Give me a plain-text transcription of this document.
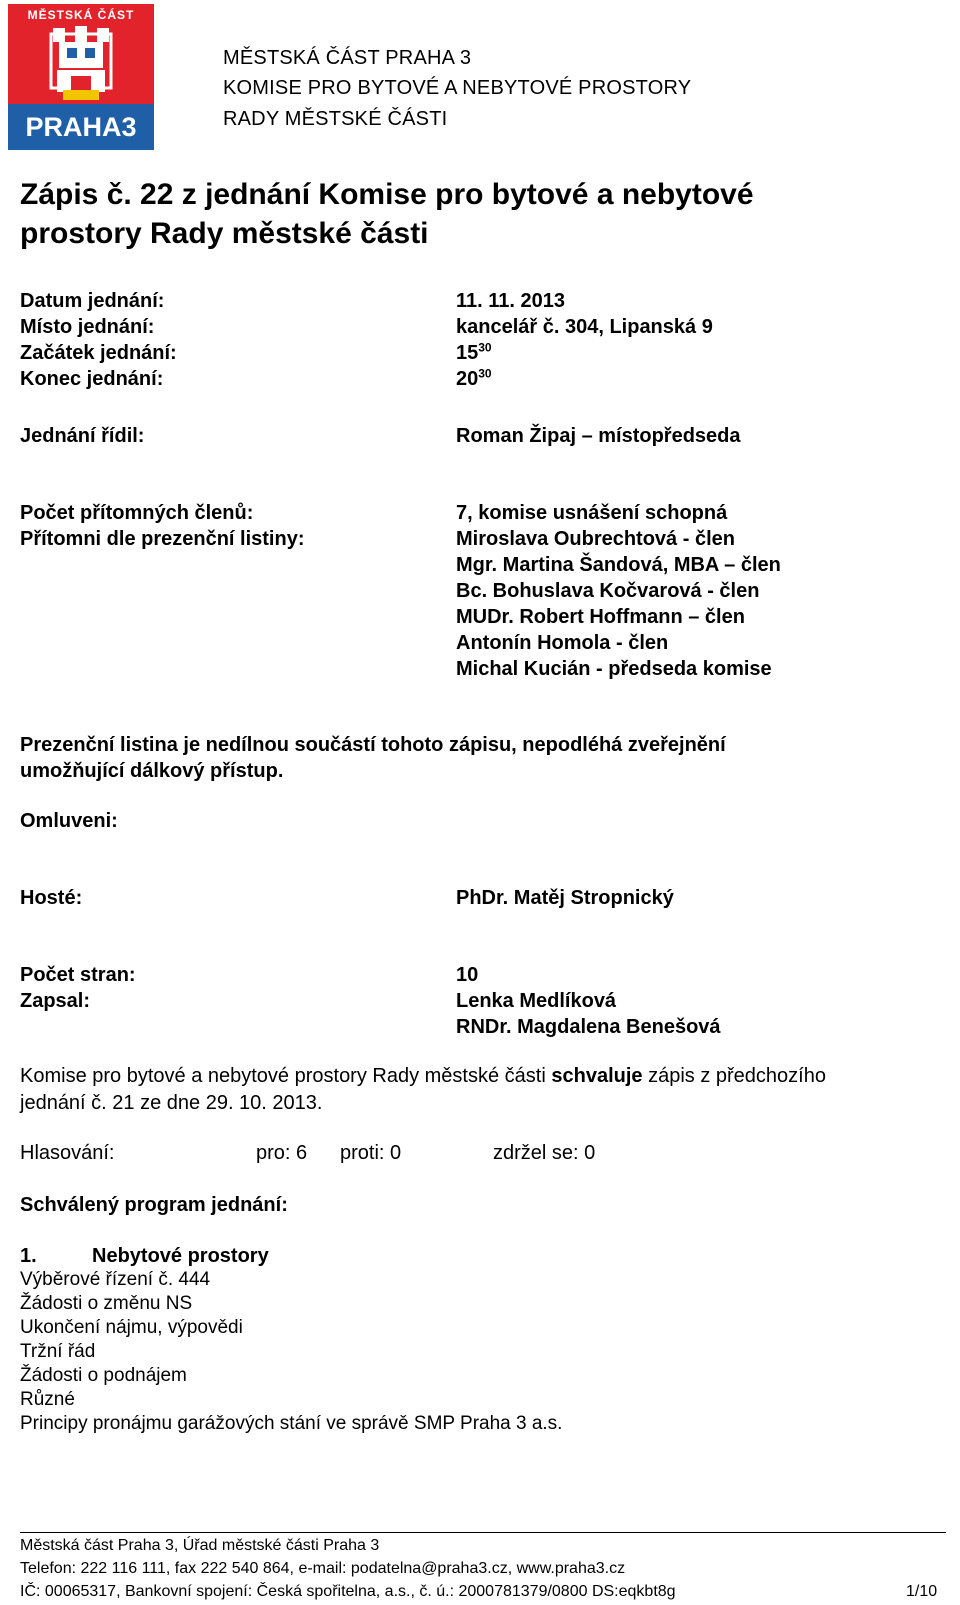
MĚSTSKÁ ČÁST
PRAHA3
MĚSTSKÁ ČÁST PRAHA 3
KOMISE PRO BYTOVÉ A NEBYTOVÉ PROSTORY
RADY MĚSTSKÉ ČÁSTI
Zápis č. 22 z jednání Komise pro bytové a nebytové
prostory Rady městské části
Datum jednání:	11. 11. 2013
Místo jednání:	kancelář č. 304, Lipanská 9
Začátek jednání:	$15^{30}$
Konec jednání:	$20^{30}$
Jednání řídil:	Roman Žipaj – místopředseda
Počet přítomných členů:	7, komise usnášení schopná
Přítomni dle prezenční listiny:	Miroslava Oubrechtová - člen
Mgr. Martina Šandová, MBA – člen
Bc. Bohuslava Kočvarová - člen
MUDr. Robert Hoffmann – člen
Antonín Homola - člen
Michal Kucián - předseda komise
Prezenční listina je nedílnou součástí tohoto zápisu, nepodléhá zveřejnění
umožňující dálkový přístup.
Omluveni:
Hosté:	PhDr. Matěj Stropnický
Počet stran:	10
Zapsal:	Lenka Medlíková
RNDr. Magdalena Benešová
Komise pro bytové a nebytové prostory Rady městské části schvaluje zápis z předchozího
jednání č. 21 ze dne 29. 10. 2013.
Hlasování:	pro: 6	proti: 0	zdržel se: 0
Schválený program jednání:
1.	Nebytové prostory
Výběrové řízení č. 444
Žádosti o změnu NS
Ukončení nájmu, výpovědi
Tržní řád
Žádosti o podnájem
Různé
Principy pronájmu garážových stání ve správě SMP Praha 3 a.s.
Městská část Praha 3, Úřad městské části Praha 3
Telefon: 222 116 111, fax 222 540 864, e-mail: podatelna@praha3.cz, www.praha3.cz
IČ: 00065317, Bankovní spojení: Česká spořitelna, a.s., č. ú.: 2000781379/0800 DS:eqkbt8g	1/10
